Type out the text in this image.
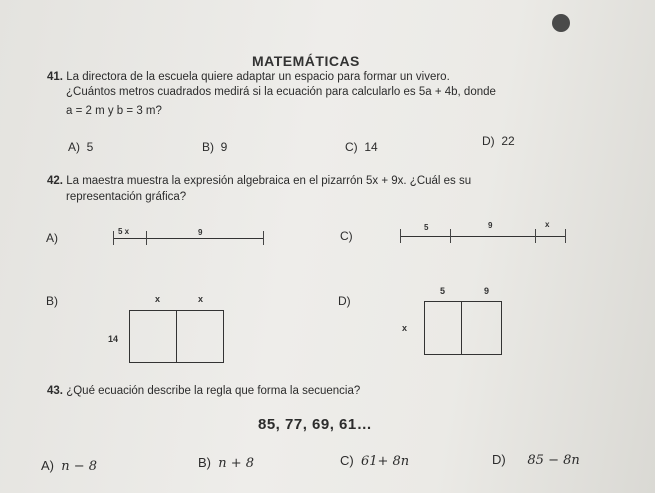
MATEMÁTICAS
41. La directora de la escuela quiere adaptar un espacio para formar un vivero.
¿Cuántos metros cuadrados medirá si la ecuación para calcularlo es 5a + 4b, donde
a = 2 m y b = 3 m?
A) 5	B) 9	C) 14	D) 22
42. La maestra muestra la expresión algebraica en el pizarrón 5x + 9x. ¿Cuál es su
representación gráfica?
A)	5 x	9	C)
5	9	x
B)	x	x
14
D)
5	9
x
43. ¿Qué ecuación describe la regla que forma la secuencia?
85, 77, 69, 61…
A) n − 8	B) n + 8	C) 61+ 8n	D) 85 − 8n
